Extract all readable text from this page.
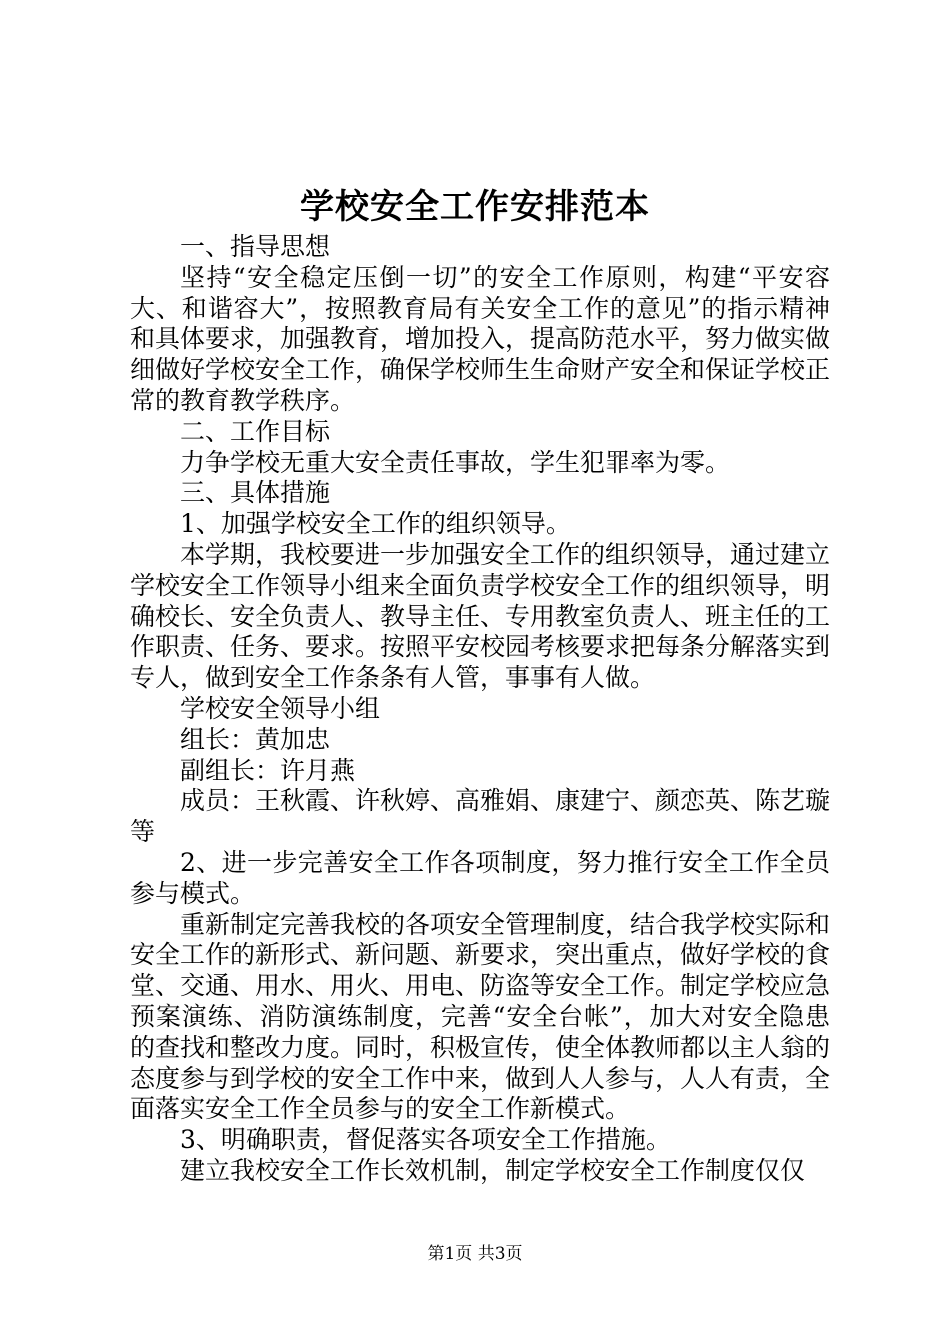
学校安全工作安排范本

一、指导思想

坚持“安全稳定压倒一切”的安全工作原则，构建“平安容大、和谐容大”，按照教育局有关安全工作的意见”的指示精神和具体要求，加强教育，增加投入，提高防范水平，努力做实做细做好学校安全工作，确保学校师生生命财产安全和保证学校正常的教育教学秩序。

二、工作目标

力争学校无重大安全责任事故，学生犯罪率为零。

三、具体措施

1、加强学校安全工作的组织领导。

本学期，我校要进一步加强安全工作的组织领导，通过建立学校安全工作领导小组来全面负责学校安全工作的组织领导，明确校长、安全负责人、教导主任、专用教室负责人、班主任的工作职责、任务、要求。按照平安校园考核要求把每条分解落实到专人，做到安全工作条条有人管，事事有人做。

学校安全领导小组

组长：黄加忠

副组长：许月燕

成员：王秋霞、许秋婷、高雅娟、康建宁、颜恋英、陈艺璇等

2、进一步完善安全工作各项制度，努力推行安全工作全员参与模式。

重新制定完善我校的各项安全管理制度，结合我学校实际和安全工作的新形式、新问题、新要求，突出重点，做好学校的食堂、交通、用水、用火、用电、防盗等安全工作。制定学校应急预案演练、消防演练制度，完善“安全台帐”，加大对安全隐患的查找和整改力度。同时，积极宣传，使全体教师都以主人翁的态度参与到学校的安全工作中来，做到人人参与，人人有责，全面落实安全工作全员参与的安全工作新模式。

3、明确职责，督促落实各项安全工作措施。

建立我校安全工作长效机制，制定学校安全工作制度仅仅

第1页 共3页
